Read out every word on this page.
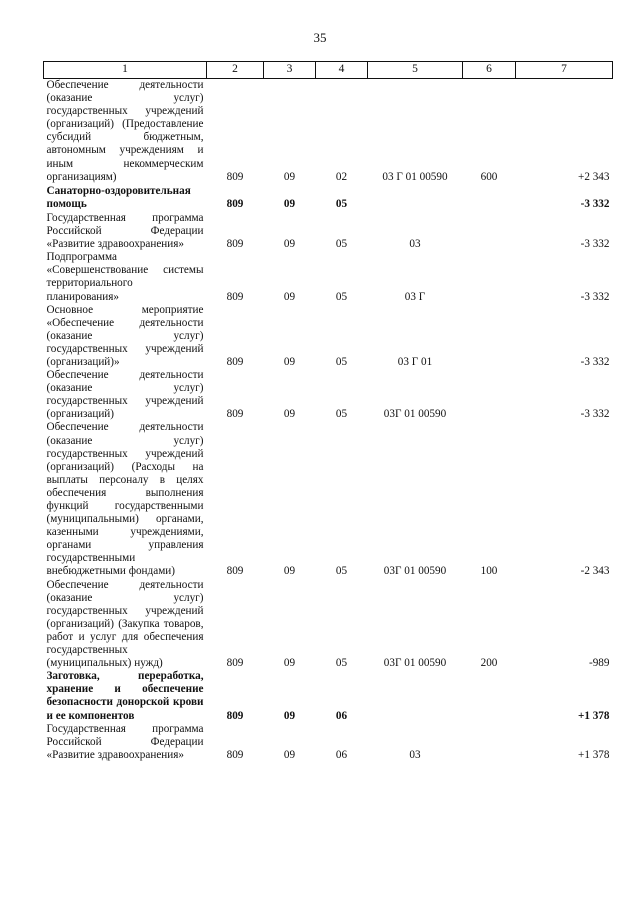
35
1	2	3	4	5	6	7
Обеспечение деятельности (оказание услуг) государственных учреждений (организаций) (Предоставление субсидий бюджетным, автономным учреждениям и иным некоммерческим организациям)	809	09	02	03 Г 01 00590	600	+2 343
Санаторно-оздоровительная помощь	809	09	05			-3 332
Государственная программа Российской Федерации «Развитие здравоохранения»	809	09	05	03		-3 332
Подпрограмма «Совершенствование системы территориального планирования»	809	09	05	03 Г		-3 332
Основное мероприятие «Обеспечение деятельности (оказание услуг) государственных учреждений (организаций)»	809	09	05	03 Г 01		-3 332
Обеспечение деятельности (оказание услуг) государственных учреждений (организаций)	809	09	05	03Г 01 00590		-3 332
Обеспечение деятельности (оказание услуг) государственных учреждений (организаций) (Расходы на выплаты персоналу в целях обеспечения выполнения функций государственными (муниципальными) органами, казенными учреждениями, органами управления государственными внебюджетными фондами)	809	09	05	03Г 01 00590	100	-2 343
Обеспечение деятельности (оказание услуг) государственных учреждений (организаций) (Закупка товаров, работ и услуг для обеспечения государственных (муниципальных) нужд)	809	09	05	03Г 01 00590	200	-989
Заготовка, переработка, хранение и обеспечение безопасности донорской крови и ее компонентов	809	09	06			+1 378
Государственная программа Российской Федерации «Развитие здравоохранения»	809	09	06	03		+1 378
